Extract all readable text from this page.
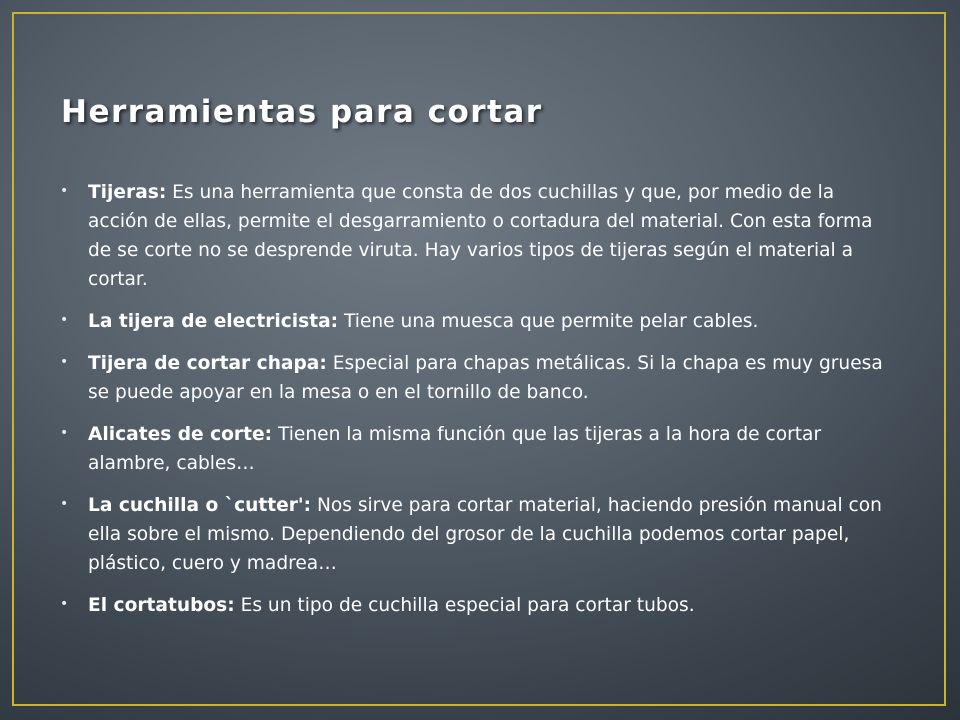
Herramientas para cortar
• Tijeras: Es una herramienta que consta de dos cuchillas y que, por medio de la acción de ellas, permite el desgarramiento o cortadura del material. Con esta forma de se corte no se desprende viruta. Hay varios tipos de tijeras según el material a cortar.
• La tijera de electricista: Tiene una muesca que permite pelar cables.
• Tijera de cortar chapa: Especial para chapas metálicas. Si la chapa es muy gruesa se puede apoyar en la mesa o en el tornillo de banco.
• Alicates de corte: Tienen la misma función que las tijeras a la hora de cortar alambre, cables…
• La cuchilla o `cutter': Nos sirve para cortar material, haciendo presión manual con ella sobre el mismo. Dependiendo del grosor de la cuchilla podemos cortar papel, plástico, cuero y madrea…
• El cortatubos: Es un tipo de cuchilla especial para cortar tubos.
